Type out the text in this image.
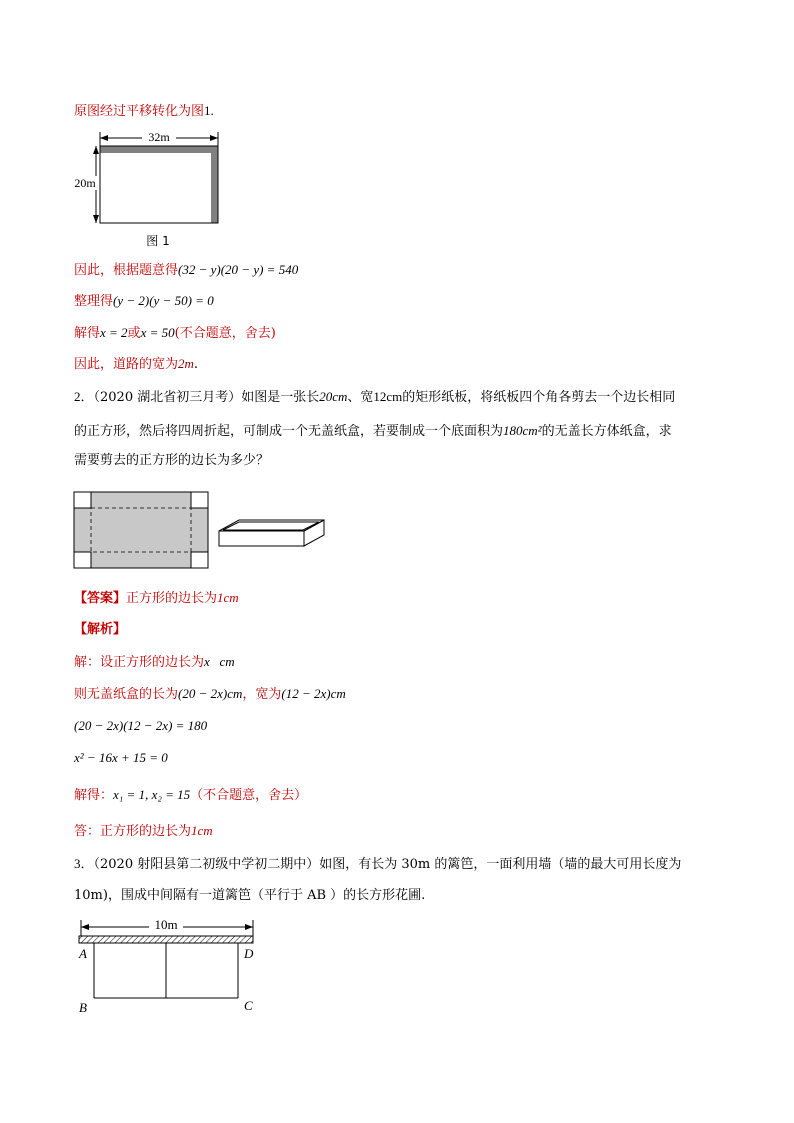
原图经过平移转化为图1.
32m
20m
图 1
因此，根据题意得(32 − y)(20 − y) = 540
整理得(y − 2)(y − 50) = 0
解得x = 2或x = 50(不合题意，舍去)
因此，道路的宽为2m.
2．（2020 湖北省初三月考）如图是一张长20cm、宽12cm的矩形纸板，将纸板四个角各剪去一个边长相同
的正方形，然后将四周折起，可制成一个无盖纸盒，若要制成一个底面积为180cm²的无盖长方体纸盒，求
需要剪去的正方形的边长为多少？
【答案】正方形的边长为1cm
【解析】
解：设正方形的边长为x   cm
则无盖纸盒的长为(20 − 2x)cm，宽为(12 − 2x)cm
(20 − 2x)(12 − 2x) = 180
x² − 16x + 15 = 0
解得：x₁ = 1, x₂ = 15（不合题意，舍去）
答：正方形的边长为1cm
3．（2020 射阳县第二初级中学初二期中）如图，有长为 30m 的篱笆，一面利用墙（墙的最大可用长度为
10m)，围成中间隔有一道篱笆（平行于 AB ）的长方形花圃.
10m
A	D
B	C
